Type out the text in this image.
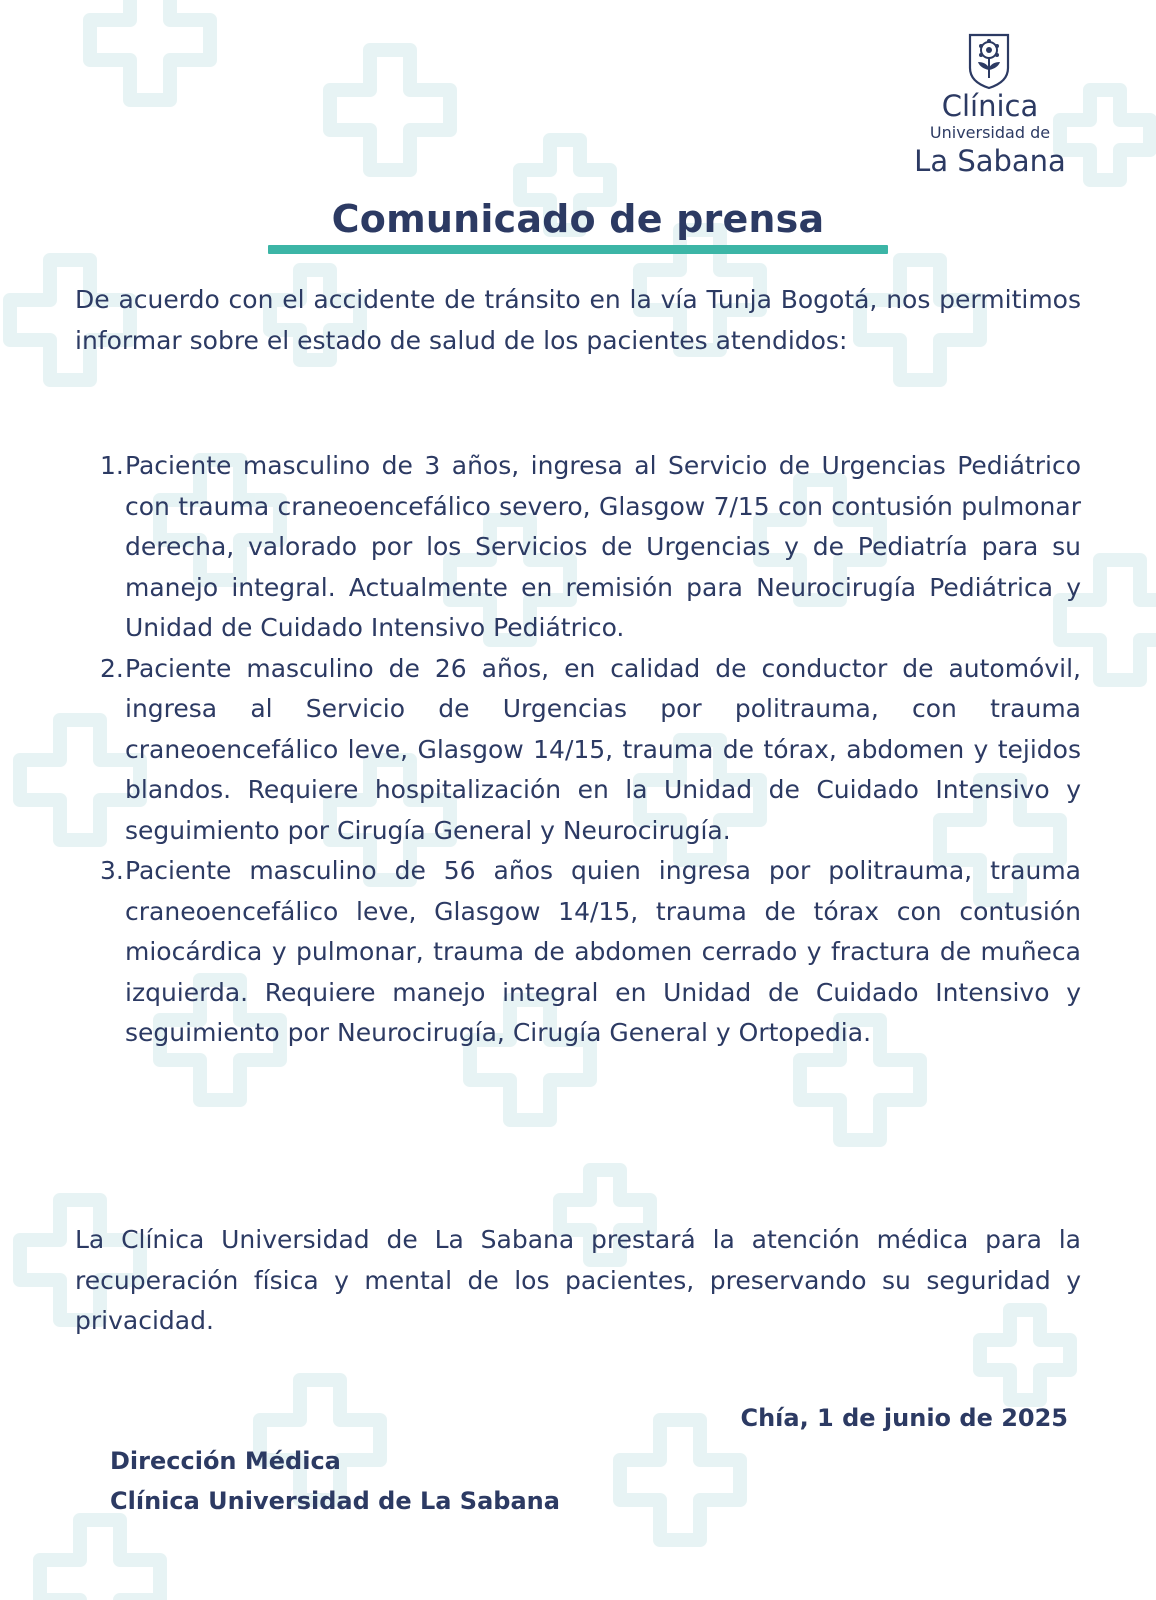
Clínica
Universidad de
La Sabana
Comunicado de prensa
De acuerdo con el accidente de tránsito en la vía Tunja Bogotá, nos permitimos informar sobre el estado de salud de los pacientes atendidos:
1. Paciente masculino de 3 años, ingresa al Servicio de Urgencias Pediátrico con trauma craneoencefálico severo, Glasgow 7/15 con contusión pulmonar derecha, valorado por los Servicios de Urgencias y de Pediatría para su manejo integral. Actualmente en remisión para Neurocirugía Pediátrica y Unidad de Cuidado Intensivo Pediátrico.
2. Paciente masculino de 26 años, en calidad de conductor de automóvil, ingresa al Servicio de Urgencias por politrauma, con trauma craneoencefálico leve, Glasgow 14/15, trauma de tórax, abdomen y tejidos blandos. Requiere hospitalización en la Unidad de Cuidado Intensivo y seguimiento por Cirugía General y Neurocirugía.
3. Paciente masculino de 56 años quien ingresa por politrauma, trauma craneoencefálico leve, Glasgow 14/15, trauma de tórax con contusión miocárdica y pulmonar, trauma de abdomen cerrado y fractura de muñeca izquierda. Requiere manejo integral en Unidad de Cuidado Intensivo y seguimiento por Neurocirugía, Cirugía General y Ortopedia.
La Clínica Universidad de La Sabana prestará la atención médica para la recuperación física y mental de los pacientes, preservando su seguridad y privacidad.
Chía, 1 de junio de 2025
Dirección Médica
Clínica Universidad de La Sabana
